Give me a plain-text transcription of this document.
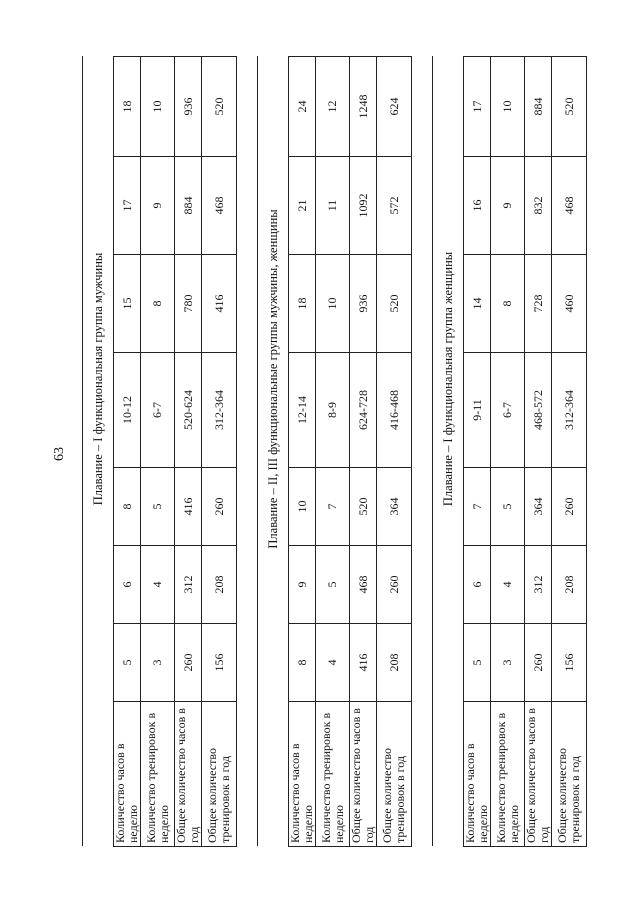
63
	Плавание – I функциональная группа мужчины						
Количество часов в неделю	5	6	8	10-12	15	17	18
Количество тренировок в неделю	3	4	5	6-7	8	9	10
Общее количество часов в год	260	312	416	520-624	780	884	936
Общее количество тренировок в год	156	208	260	312-364	416	468	520

	Плавание – II, III функциональные группы мужчины, женщины						
Количество часов в неделю	8	9	10	12-14	18	21	24
Количество тренировок в неделю	4	5	7	8-9	10	11	12
Общее количество часов в год	416	468	520	624-728	936	1092	1248
Общее количество тренировок в год	208	260	364	416-468	520	572	624

	Плавание – I функциональная группа женщины						
Количество часов в неделю	5	6	7	9-11	14	16	17
Количество тренировок в неделю	3	4	5	6-7	8	9	10
Общее количество часов в год	260	312	364	468-572	728	832	884
Общее количество тренировок в год	156	208	260	312-364	460	468	520
